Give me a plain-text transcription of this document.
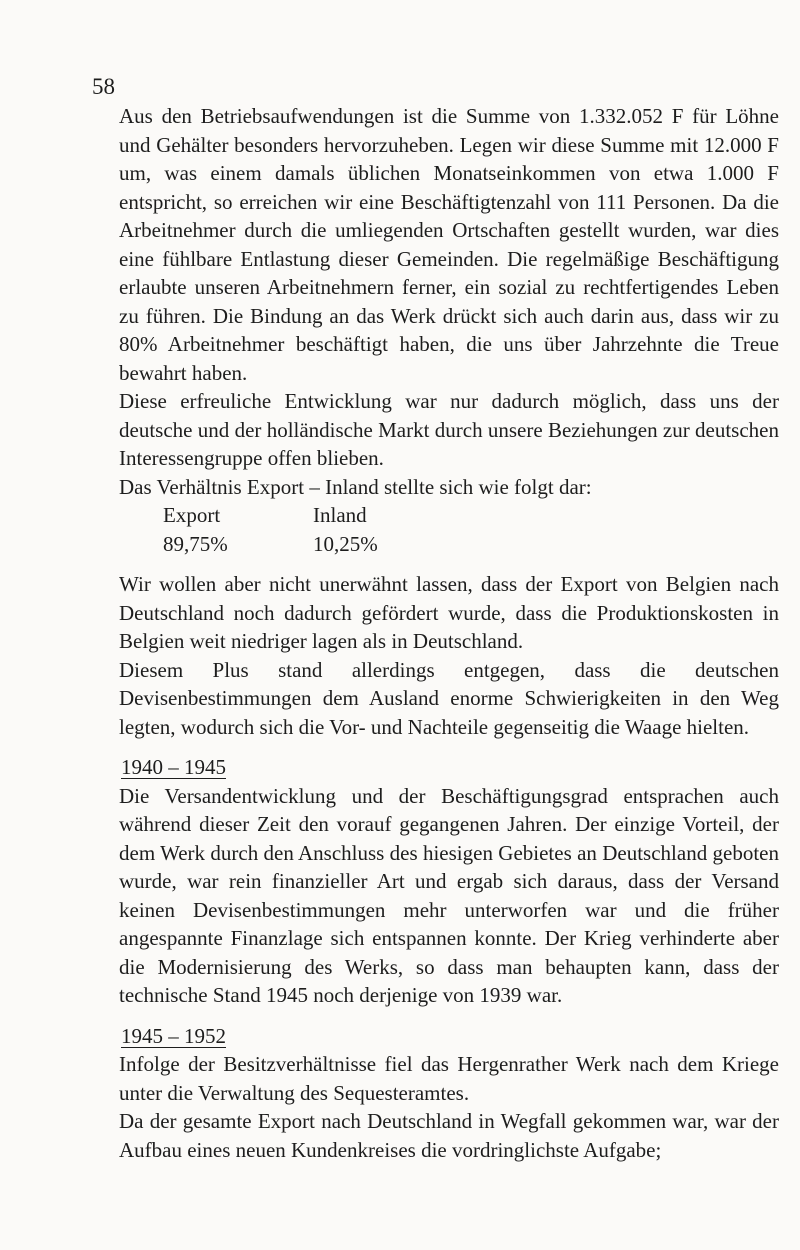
58

Aus den Betriebsaufwendungen ist die Summe von 1.332.052 F für Löhne und Gehälter besonders hervorzuheben. Legen wir diese Summe mit 12.000 F um, was einem damals üblichen Monatseinkommen von etwa 1.000 F entspricht, so erreichen wir eine Beschäftigtenzahl von 111 Personen. Da die Arbeitnehmer durch die umliegenden Ortschaften gestellt wurden, war dies eine fühlbare Entlastung dieser Gemeinden. Die regelmäßige Beschäftigung erlaubte unseren Arbeitnehmern ferner, ein sozial zu rechtfertigendes Leben zu führen. Die Bindung an das Werk drückt sich auch darin aus, dass wir zu 80% Arbeitnehmer beschäftigt haben, die uns über Jahrzehnte die Treue bewahrt haben.

Diese erfreuliche Entwicklung war nur dadurch möglich, dass uns der deutsche und der holländische Markt durch unsere Beziehungen zur deutschen Interessengruppe offen blieben.

Das Verhältnis Export – Inland stellte sich wie folgt dar:

Export	Inland
89,75%	10,25%

Wir wollen aber nicht unerwähnt lassen, dass der Export von Belgien nach Deutschland noch dadurch gefördert wurde, dass die Produktionskosten in Belgien weit niedriger lagen als in Deutschland.

Diesem Plus stand allerdings entgegen, dass die deutschen Devisenbestimmungen dem Ausland enorme Schwierigkeiten in den Weg legten, wodurch sich die Vor- und Nachteile gegenseitig die Waage hielten.

1940 – 1945

Die Versandentwicklung und der Beschäftigungsgrad entsprachen auch während dieser Zeit den vorauf gegangenen Jahren. Der einzige Vorteil, der dem Werk durch den Anschluss des hiesigen Gebietes an Deutschland geboten wurde, war rein finanzieller Art und ergab sich daraus, dass der Versand keinen Devisenbestimmungen mehr unterworfen war und die früher angespannte Finanzlage sich entspannen konnte. Der Krieg verhinderte aber die Modernisierung des Werks, so dass man behaupten kann, dass der technische Stand 1945 noch derjenige von 1939 war.

1945 – 1952

Infolge der Besitzverhältnisse fiel das Hergenrather Werk nach dem Kriege unter die Verwaltung des Sequesteramtes.

Da der gesamte Export nach Deutschland in Wegfall gekommen war, war der Aufbau eines neuen Kundenkreises die vordringlichste Aufgabe;
